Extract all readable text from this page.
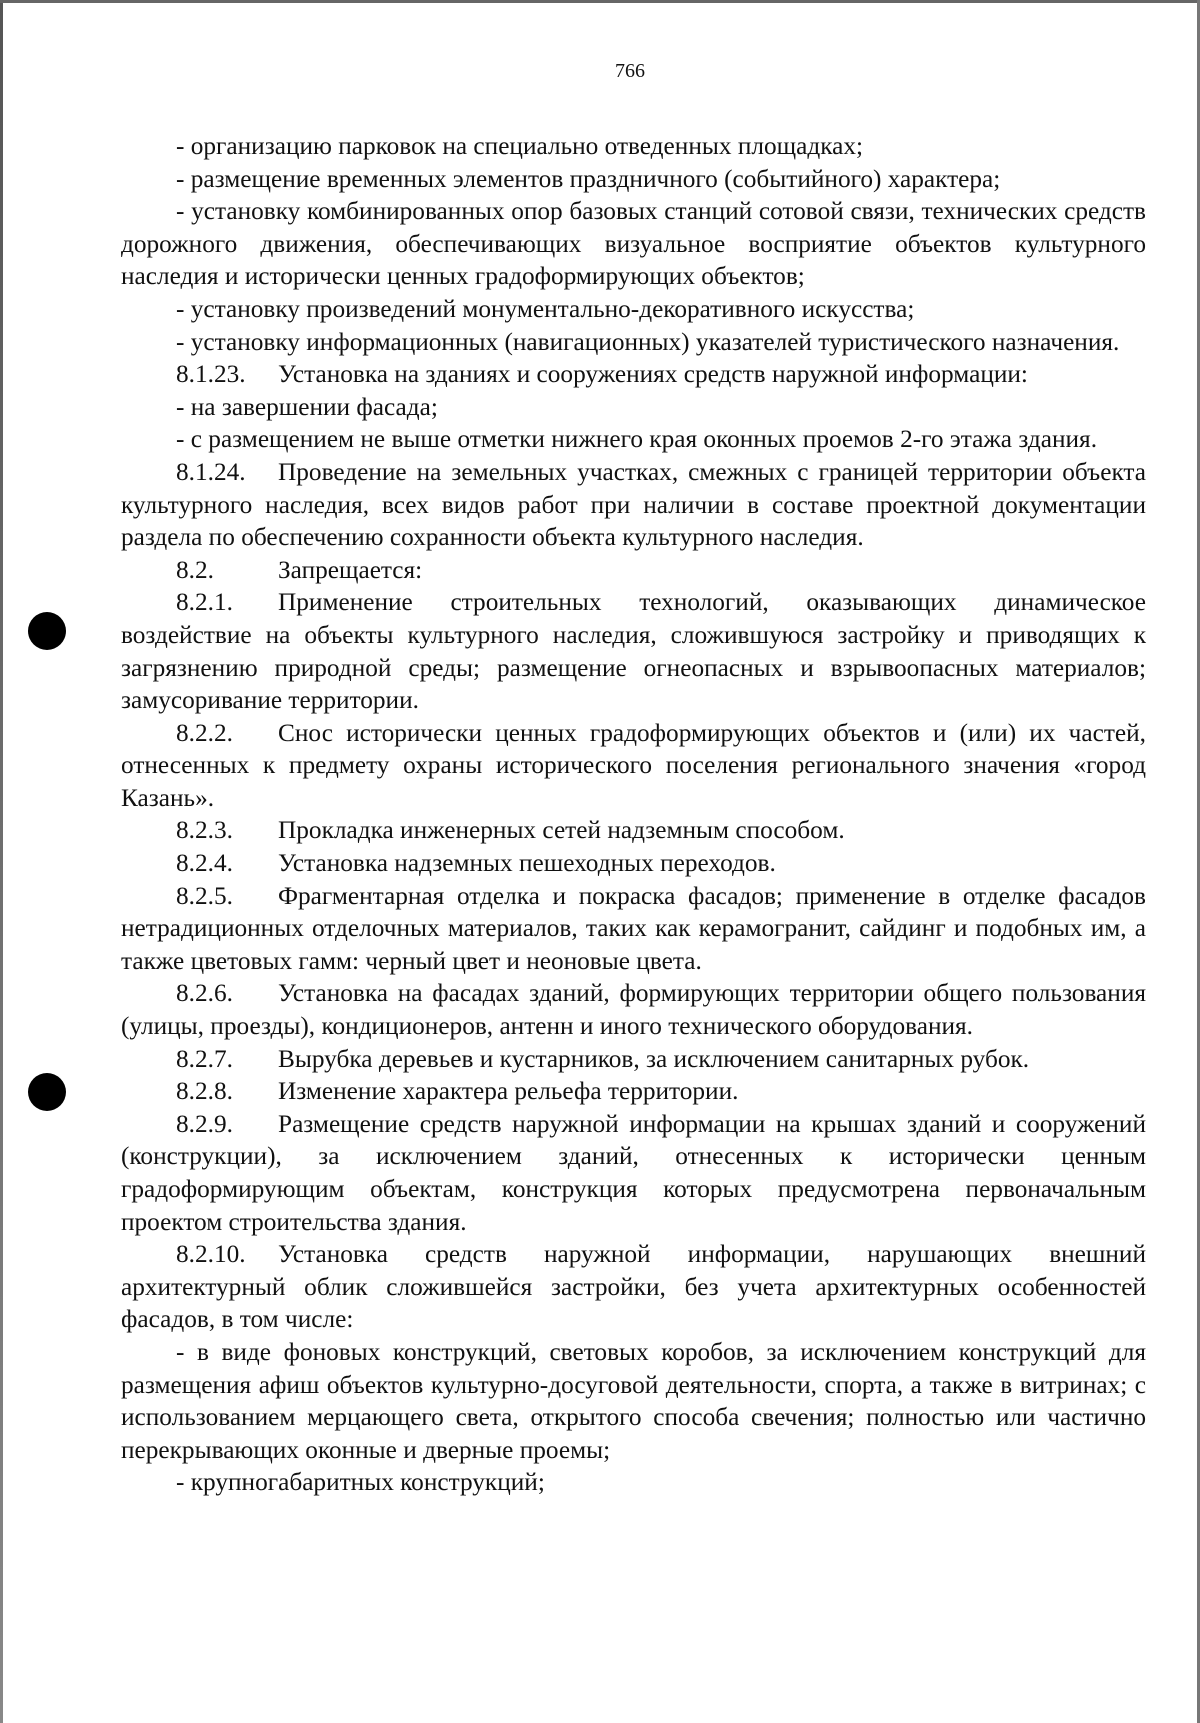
766

- организацию парковок на специально отведенных площадках;

- размещение временных элементов праздничного (событийного) характера;

- установку комбинированных опор базовых станций сотовой связи, технических средств дорожного движения, обеспечивающих визуальное восприятие объектов культурного наследия и исторически ценных градоформирующих объектов;

- установку произведений монументально-декоративного искусства;

- установку информационных (навигационных) указателей туристического назначения.

8.1.23. Установка на зданиях и сооружениях средств наружной информации:

- на завершении фасада;

- с размещением не выше отметки нижнего края оконных проемов 2-го этажа здания.

8.1.24. Проведение на земельных участках, смежных с границей территории объекта культурного наследия, всех видов работ при наличии в составе проектной документации раздела по обеспечению сохранности объекта культурного наследия.

8.2.	Запрещается:

8.2.1. Применение строительных технологий, оказывающих динамическое воздействие на объекты культурного наследия, сложившуюся застройку и приводящих к загрязнению природной среды; размещение огнеопасных и взрывоопасных материалов; замусоривание территории.

8.2.2. Снос исторически ценных градоформирующих объектов и (или) их частей, отнесенных к предмету охраны исторического поселения регионального значения «город Казань».

8.2.3. Прокладка инженерных сетей надземным способом.

8.2.4. Установка надземных пешеходных переходов.

8.2.5. Фрагментарная отделка и покраска фасадов; применение в отделке фасадов нетрадиционных отделочных материалов, таких как керамогранит, сайдинг и подобных им, а также цветовых гамм: черный цвет и неоновые цвета.

8.2.6. Установка на фасадах зданий, формирующих территории общего пользования (улицы, проезды), кондиционеров, антенн и иного технического оборудования.

8.2.7. Вырубка деревьев и кустарников, за исключением санитарных рубок.

8.2.8. Изменение характера рельефа территории.

8.2.9. Размещение средств наружной информации на крышах зданий и сооружений (конструкции), за исключением зданий, отнесенных к исторически ценным градоформирующим объектам, конструкция которых предусмотрена первоначальным проектом строительства здания.

8.2.10. Установка средств наружной информации, нарушающих внешний архитектурный облик сложившейся застройки, без учета архитектурных особенностей фасадов, в том числе:

- в виде фоновых конструкций, световых коробов, за исключением конструкций для размещения афиш объектов культурно-досуговой деятельности, спорта, а также в витринах; с использованием мерцающего света, открытого способа свечения; полностью или частично перекрывающих оконные и дверные проемы;

- крупногабаритных конструкций;
